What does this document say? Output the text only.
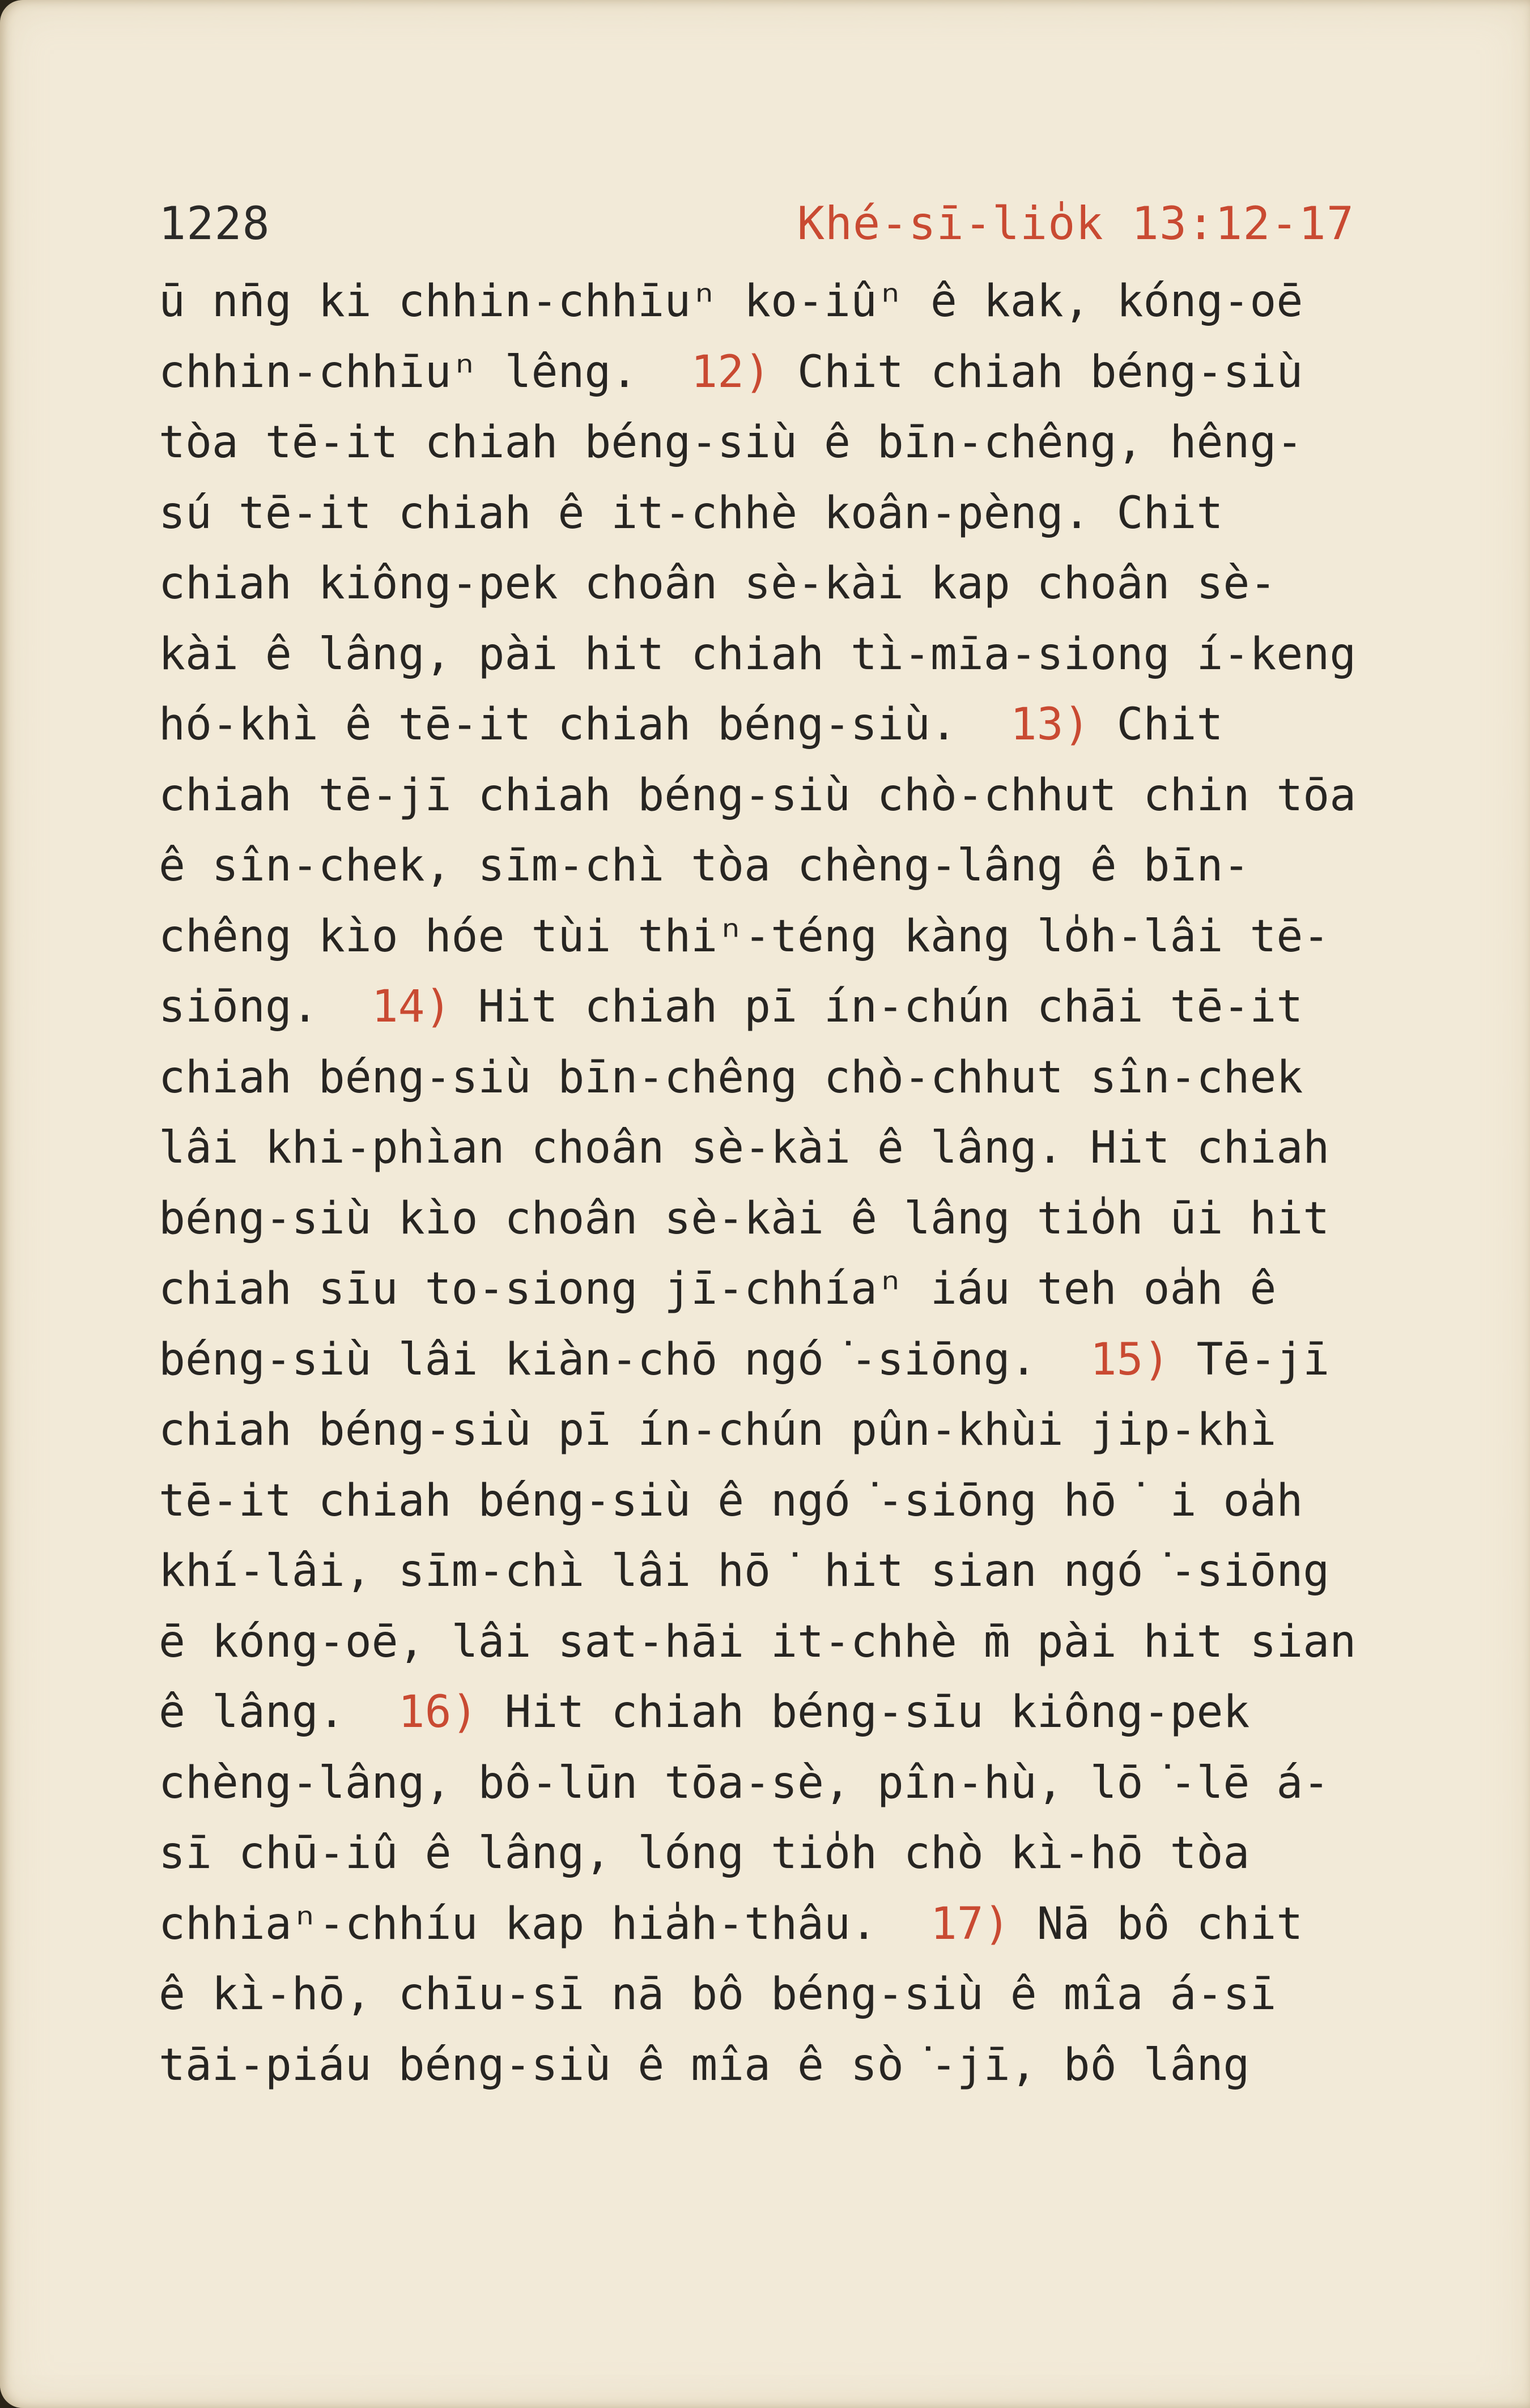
1228	Khé-sī-lio̍k 13:12-17
ū nn̄g ki chhin-chhīuⁿ ko-iûⁿ ê kak, kóng-oē
chhin-chhīuⁿ lêng.  12) Chit chiah béng-siù
tòa tē-it chiah béng-siù ê bīn-chêng, hêng-
sú tē-it chiah ê it-chhè koân-pèng. Chit
chiah kiông-pek choân sè-kài kap choân sè-
kài ê lâng, pài hit chiah tì-mīa-siong í-keng
hó-khì ê tē-it chiah béng-siù.  13) Chit
chiah tē-jī chiah béng-siù chò-chhut chin tōa
ê sîn-chek, sīm-chì tòa chèng-lâng ê bīn-
chêng kìo hóe tùi thiⁿ-téng kàng lo̍h-lâi tē-
siōng.  14) Hit chiah pī ín-chún chāi tē-it
chiah béng-siù bīn-chêng chò-chhut sîn-chek
lâi khi-phìan choân sè-kài ê lâng. Hit chiah
béng-siù kìo choân sè-kài ê lâng tio̍h ūi hit
chiah sīu to-siong jī-chhíaⁿ iáu teh oa̍h ê
béng-siù lâi kiàn-chō ngó͘-siōng.  15) Tē-jī
chiah béng-siù pī ín-chún pûn-khùi jip-khì
tē-it chiah béng-siù ê ngó͘-siōng hō͘ i oa̍h
khí-lâi, sīm-chì lâi hō͘ hit sian ngó͘-siōng
ē kóng-oē, lâi sat-hāi it-chhè m̄ pài hit sian
ê lâng.  16) Hit chiah béng-sīu kiông-pek
chèng-lâng, bô-lūn tōa-sè, pîn-hù, lō͘-lē á-
sī chū-iû ê lâng, lóng tio̍h chò kì-hō tòa
chhiaⁿ-chhíu kap hia̍h-thâu.  17) Nā bô chit
ê kì-hō, chīu-sī nā bô béng-siù ê mîa á-sī
tāi-piáu béng-siù ê mîa ê sò͘-jī, bô lâng
